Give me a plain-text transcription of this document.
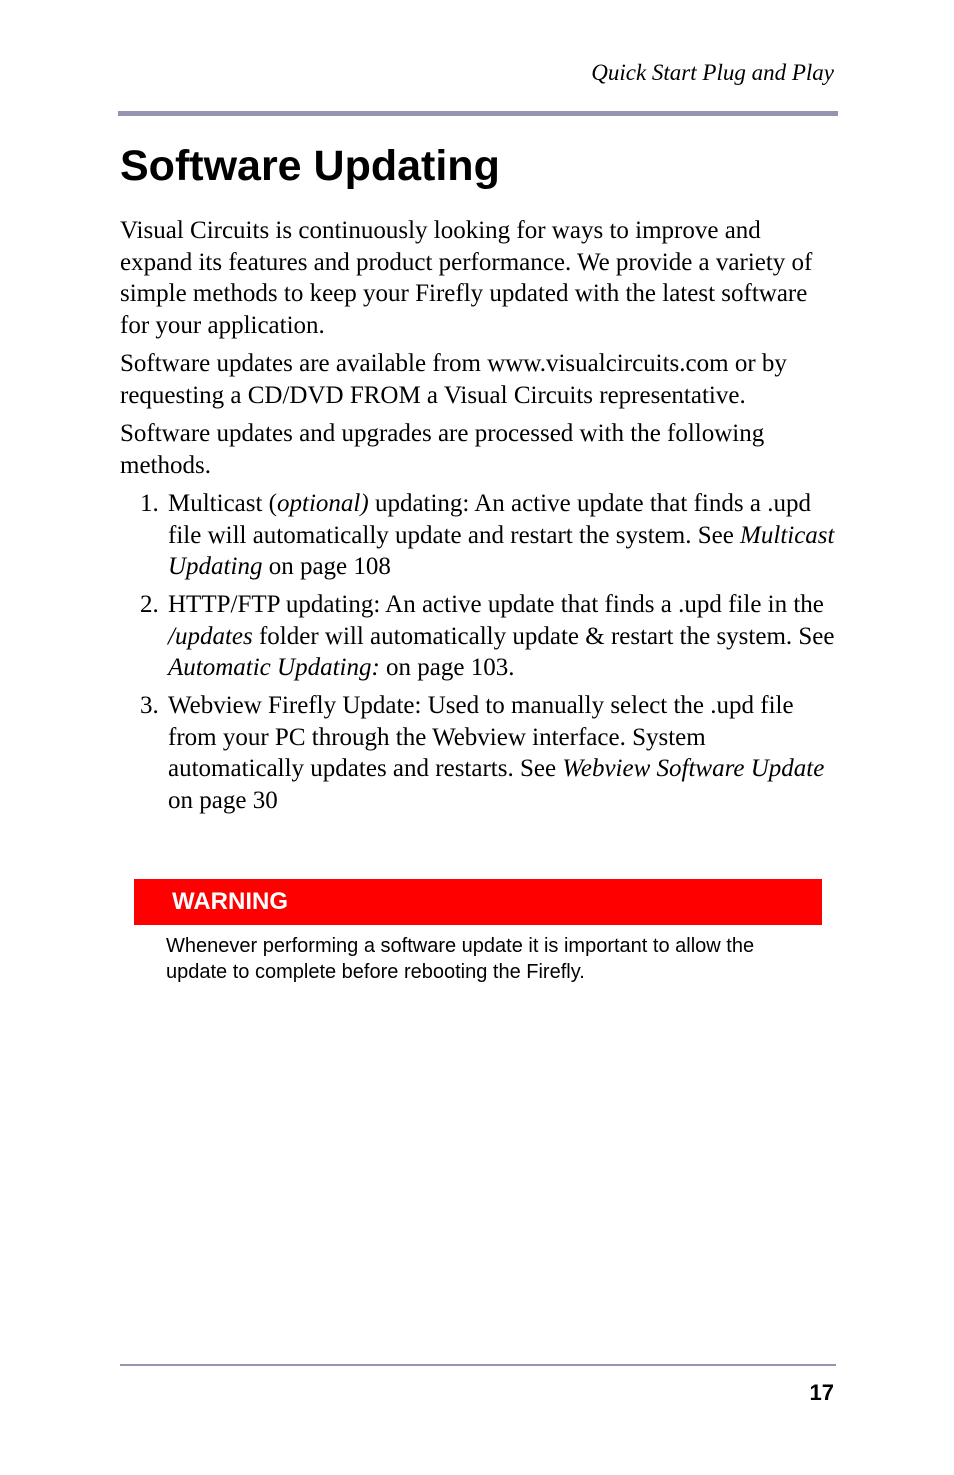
Quick Start Plug and Play
Software Updating

Visual Circuits is continuously looking for ways to improve and expand its features and product performance. We provide a variety of simple methods to keep your Firefly updated with the latest software for your application.

Software updates are available from www.visualcircuits.com or by requesting a CD/DVD FROM a Visual Circuits representative.

Software updates and upgrades are processed with the following methods.

1. Multicast (optional) updating: An active update that finds a .upd file will automatically update and restart the system. See Multicast Updating on page 108
2. HTTP/FTP updating: An active update that finds a .upd file in the /updates folder will automatically update & restart the system. See Automatic Updating: on page 103.
3. Webview Firefly Update: Used to manually select the .upd file from your PC through the Webview interface. System automatically updates and restarts. See Webview Software Update on page 30
WARNING
Whenever performing a software update it is important to allow the update to complete before rebooting the Firefly.
17
